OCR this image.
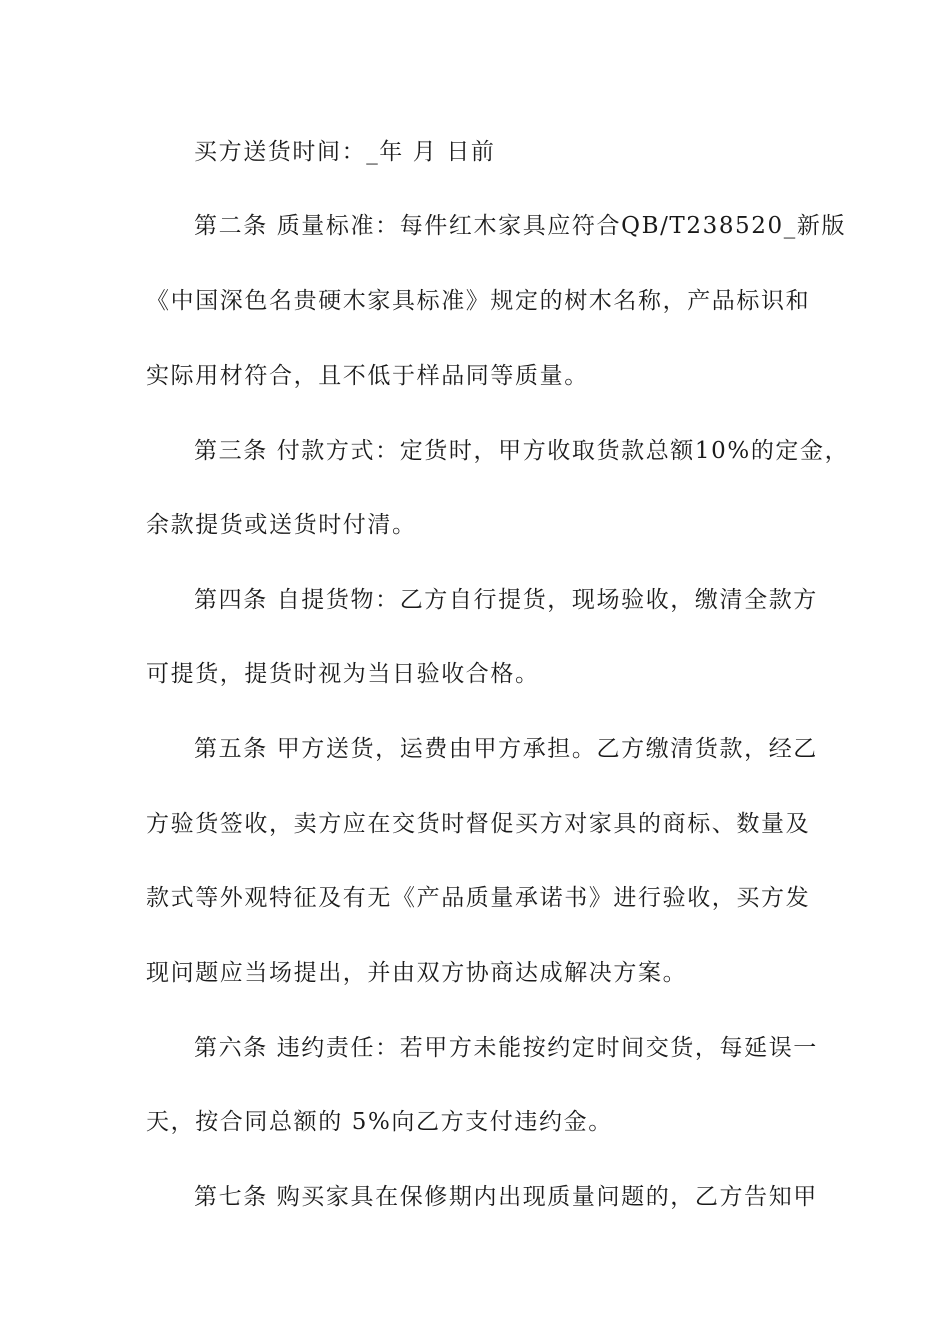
买方送货时间：_年 月 日前
第二条 质量标准：每件红木家具应符合QB/T238520_新版
《中国深色名贵硬木家具标准》规定的树木名称，产品标识和
实际用材符合，且不低于样品同等质量。
第三条 付款方式：定货时，甲方收取货款总额10%的定金，
余款提货或送货时付清。
第四条 自提货物：乙方自行提货，现场验收，缴清全款方
可提货，提货时视为当日验收合格。
第五条 甲方送货，运费由甲方承担。乙方缴清货款，经乙
方验货签收，卖方应在交货时督促买方对家具的商标、数量及
款式等外观特征及有无《产品质量承诺书》进行验收，买方发
现问题应当场提出，并由双方协商达成解决方案。
第六条 违约责任：若甲方未能按约定时间交货，每延误一
天，按合同总额的 5%向乙方支付违约金。
第七条 购买家具在保修期内出现质量问题的，乙方告知甲
